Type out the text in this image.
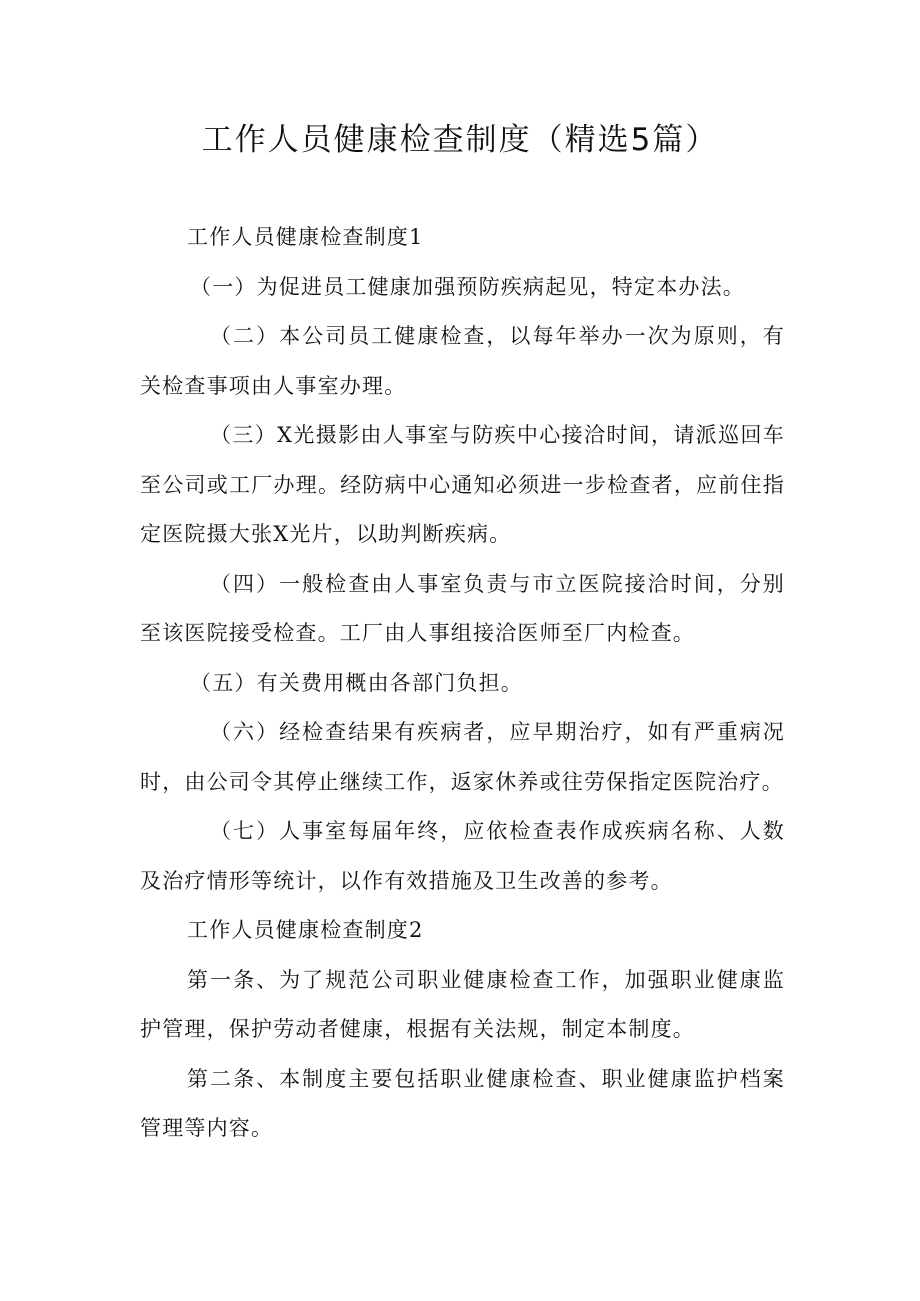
工作人员健康检查制度（精选5篇）

工作人员健康检查制度1

（一）为促进员工健康加强预防疾病起见，特定本办法。

（二）本公司员工健康检查，以每年举办一次为原则，有关检查事项由人事室办理。

（三）X光摄影由人事室与防疾中心接洽时间，请派巡回车至公司或工厂办理。经防病中心通知必须进一步检查者，应前住指定医院摄大张X光片，以助判断疾病。

（四）一般检查由人事室负责与市立医院接洽时间，分别至该医院接受检查。工厂由人事组接洽医师至厂内检查。

（五）有关费用概由各部门负担。

（六）经检查结果有疾病者，应早期治疗，如有严重病况时，由公司令其停止继续工作，返家休养或往劳保指定医院治疗。

（七）人事室每届年终，应依检查表作成疾病名称、人数及治疗情形等统计，以作有效措施及卫生改善的参考。

工作人员健康检查制度2

第一条、为了规范公司职业健康检查工作，加强职业健康监护管理，保护劳动者健康，根据有关法规，制定本制度。

第二条、本制度主要包括职业健康检查、职业健康监护档案管理等内容。
